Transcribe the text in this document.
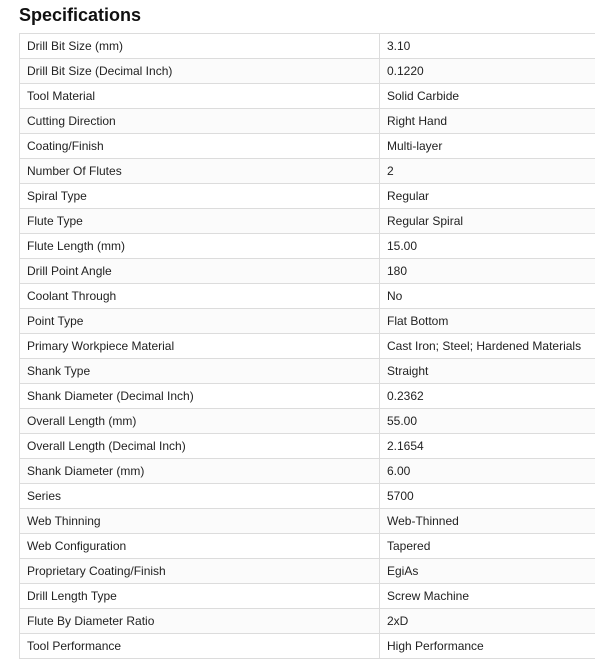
Specifications
Drill Bit Size (mm)	3.10
Drill Bit Size (Decimal Inch)	0.1220
Tool Material	Solid Carbide
Cutting Direction	Right Hand
Coating/Finish	Multi-layer
Number Of Flutes	2
Spiral Type	Regular
Flute Type	Regular Spiral
Flute Length (mm)	15.00
Drill Point Angle	180
Coolant Through	No
Point Type	Flat Bottom
Primary Workpiece Material	Cast Iron; Steel; Hardened Materials
Shank Type	Straight
Shank Diameter (Decimal Inch)	0.2362
Overall Length (mm)	55.00
Overall Length (Decimal Inch)	2.1654
Shank Diameter (mm)	6.00
Series	5700
Web Thinning	Web-Thinned
Web Configuration	Tapered
Proprietary Coating/Finish	EgiAs
Drill Length Type	Screw Machine
Flute By Diameter Ratio	2xD
Tool Performance	High Performance
